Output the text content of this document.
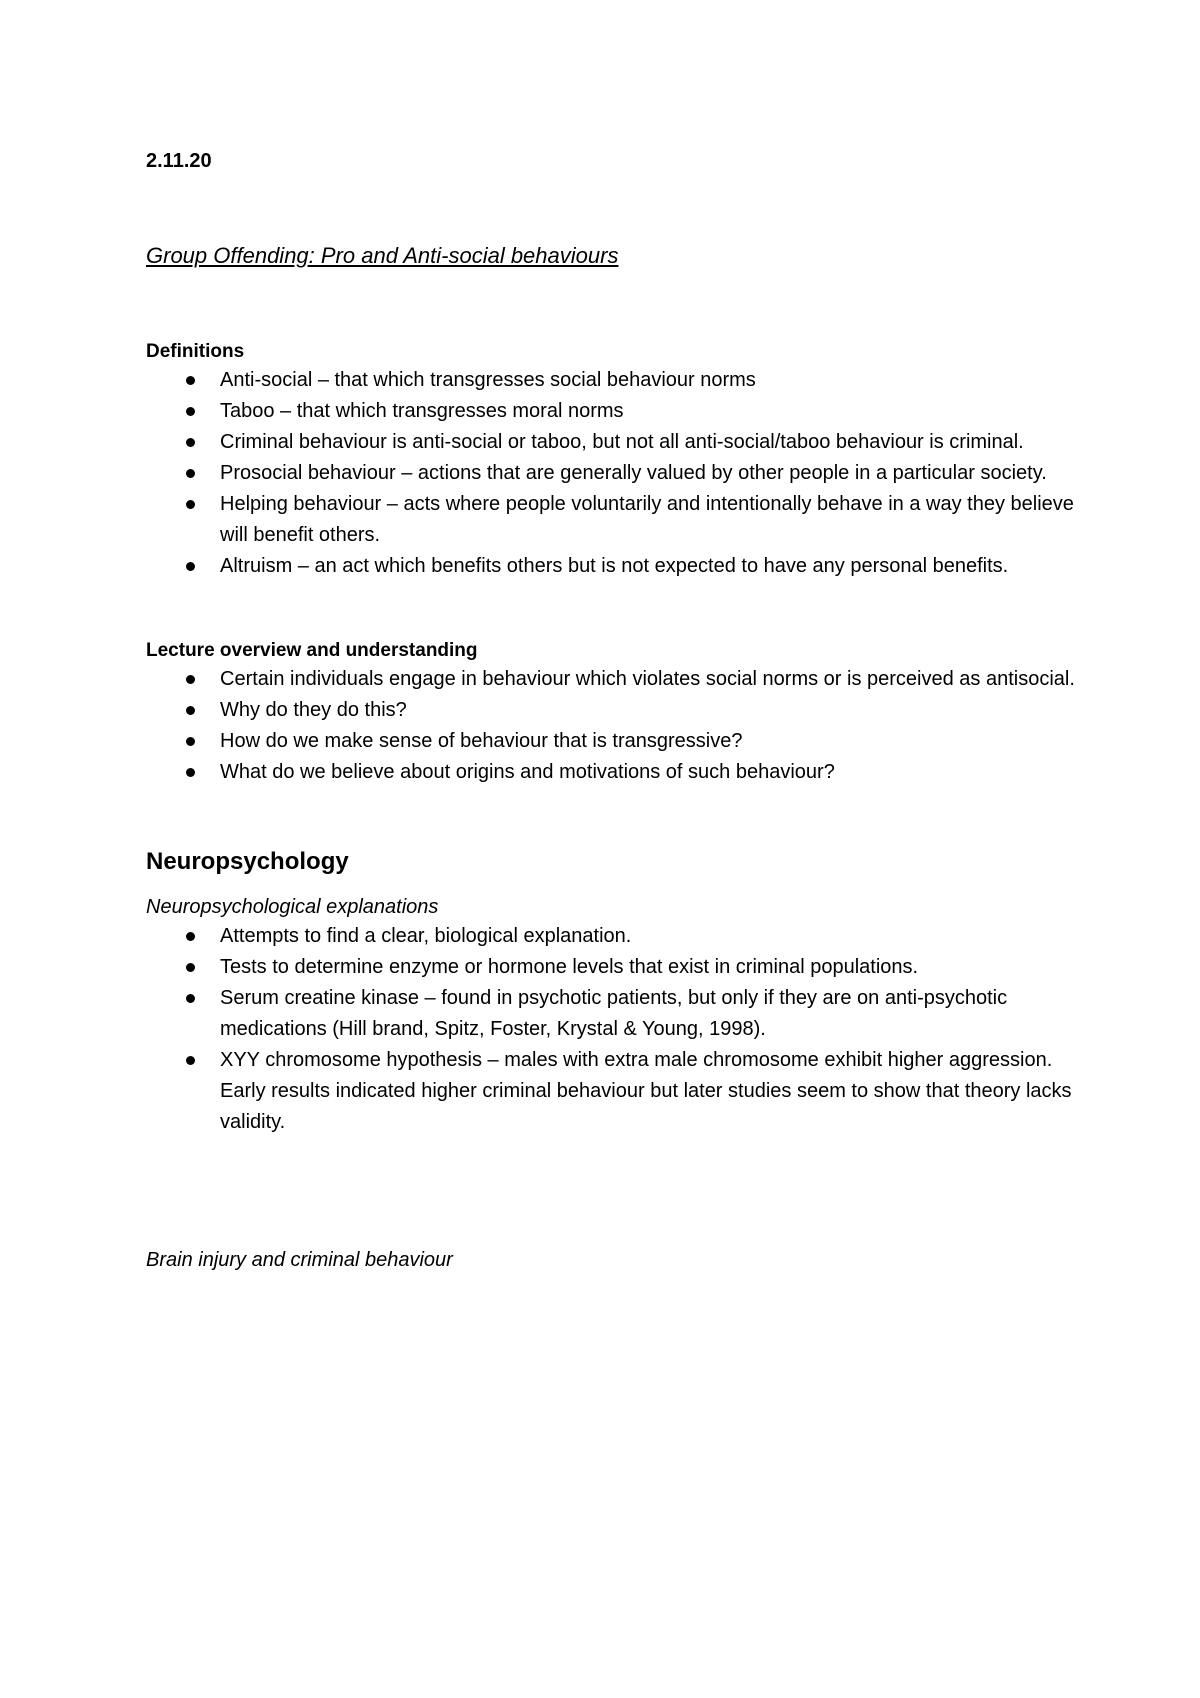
2.11.20

Group Offending: Pro and Anti-social behaviours

Definitions

Anti-social – that which transgresses social behaviour norms
Taboo – that which transgresses moral norms
Criminal behaviour is anti-social or taboo, but not all anti-social/taboo behaviour is criminal.
Prosocial behaviour – actions that are generally valued by other people in a particular society.
Helping behaviour – acts where people voluntarily and intentionally behave in a way they believe will benefit others.
Altruism – an act which benefits others but is not expected to have any personal benefits.

Lecture overview and understanding

Certain individuals engage in behaviour which violates social norms or is perceived as antisocial.
Why do they do this?
How do we make sense of behaviour that is transgressive?
What do we believe about origins and motivations of such behaviour?

Neuropsychology

Neuropsychological explanations

Attempts to find a clear, biological explanation.
Tests to determine enzyme or hormone levels that exist in criminal populations.
Serum creatine kinase – found in psychotic patients, but only if they are on anti-psychotic medications (Hill brand, Spitz, Foster, Krystal & Young, 1998).
XYY chromosome hypothesis – males with extra male chromosome exhibit higher aggression. Early results indicated higher criminal behaviour but later studies seem to show that theory lacks validity.

Brain injury and criminal behaviour
